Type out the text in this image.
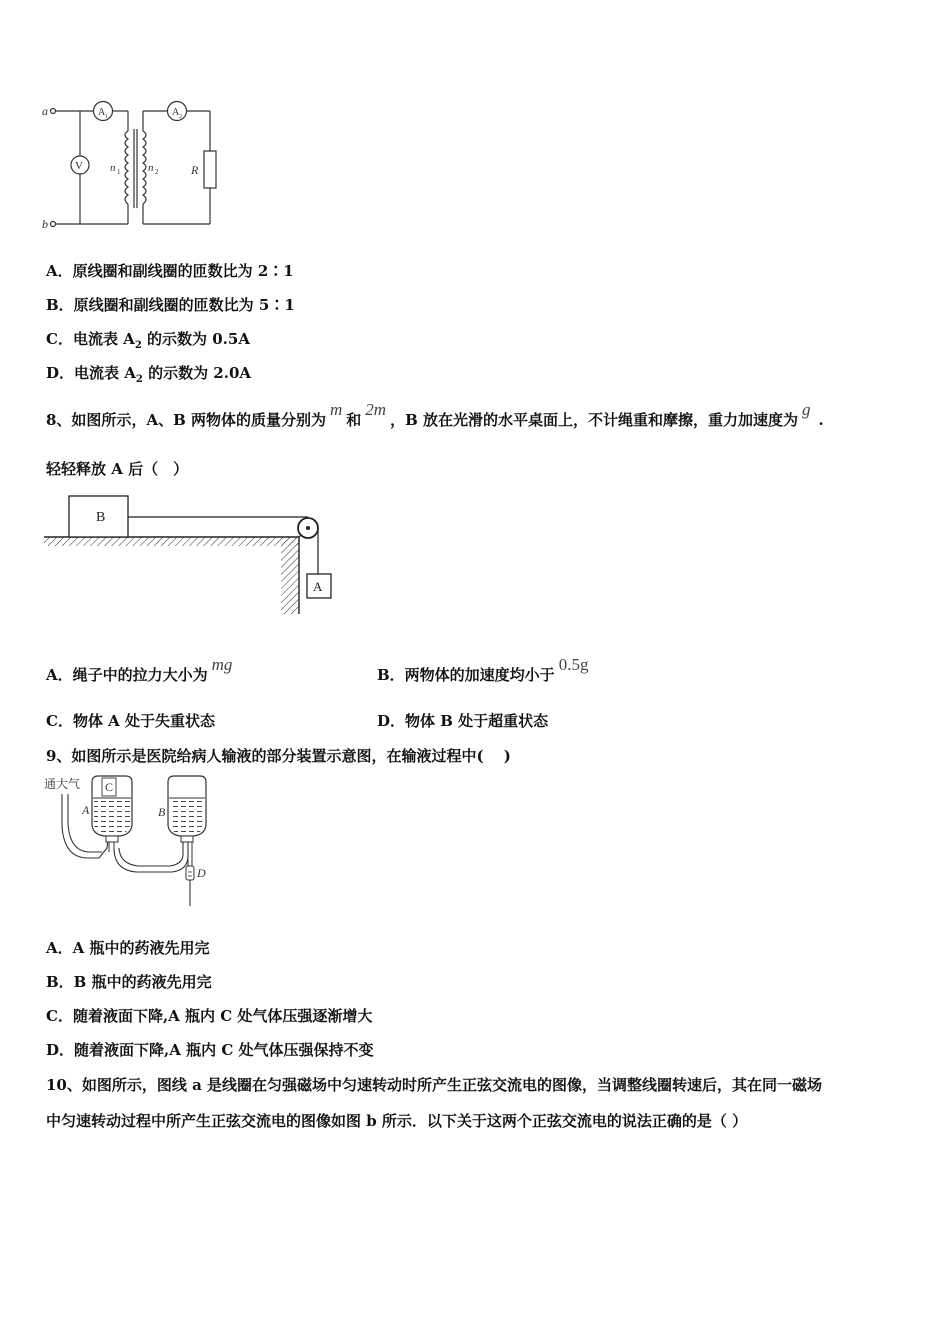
a
b
V
A 1	A 2
n 1	n 2	R
A．原线圈和副线圈的匝数比为 2∶1
B．原线圈和副线圈的匝数比为 5∶1
C．电流表 $A_2$ 的示数为 0.5A
D．电流表 $A_2$ 的示数为 2.0A
8、如图所示，A、B 两物体的质量分别为m和2m，B 放在光滑的水平桌面上，不计绳重和摩擦，重力加速度为g.
轻轻释放 A 后（　）
B
A
A．绳子中的拉力大小为mg
B．两物体的加速度均小于0.5g
C．物体 A 处于失重状态	D．物体 B 处于超重状态
9、如图所示是医院给病人输液的部分装置示意图，在输液过程中(　 )
通大气 C
A	B
D
A．A 瓶中的药液先用完
B．B 瓶中的药液先用完
C．随着液面下降,A 瓶内 C 处气体压强逐渐增大
D．随着液面下降,A 瓶内 C 处气体压强保持不变
10、如图所示，图线 a 是线圈在匀强磁场中匀速转动时所产生正弦交流电的图像，当调整线圈转速后，其在同一磁场
中匀速转动过程中所产生正弦交流电的图像如图 b 所示．以下关于这两个正弦交流电的说法正确的是（ ）
